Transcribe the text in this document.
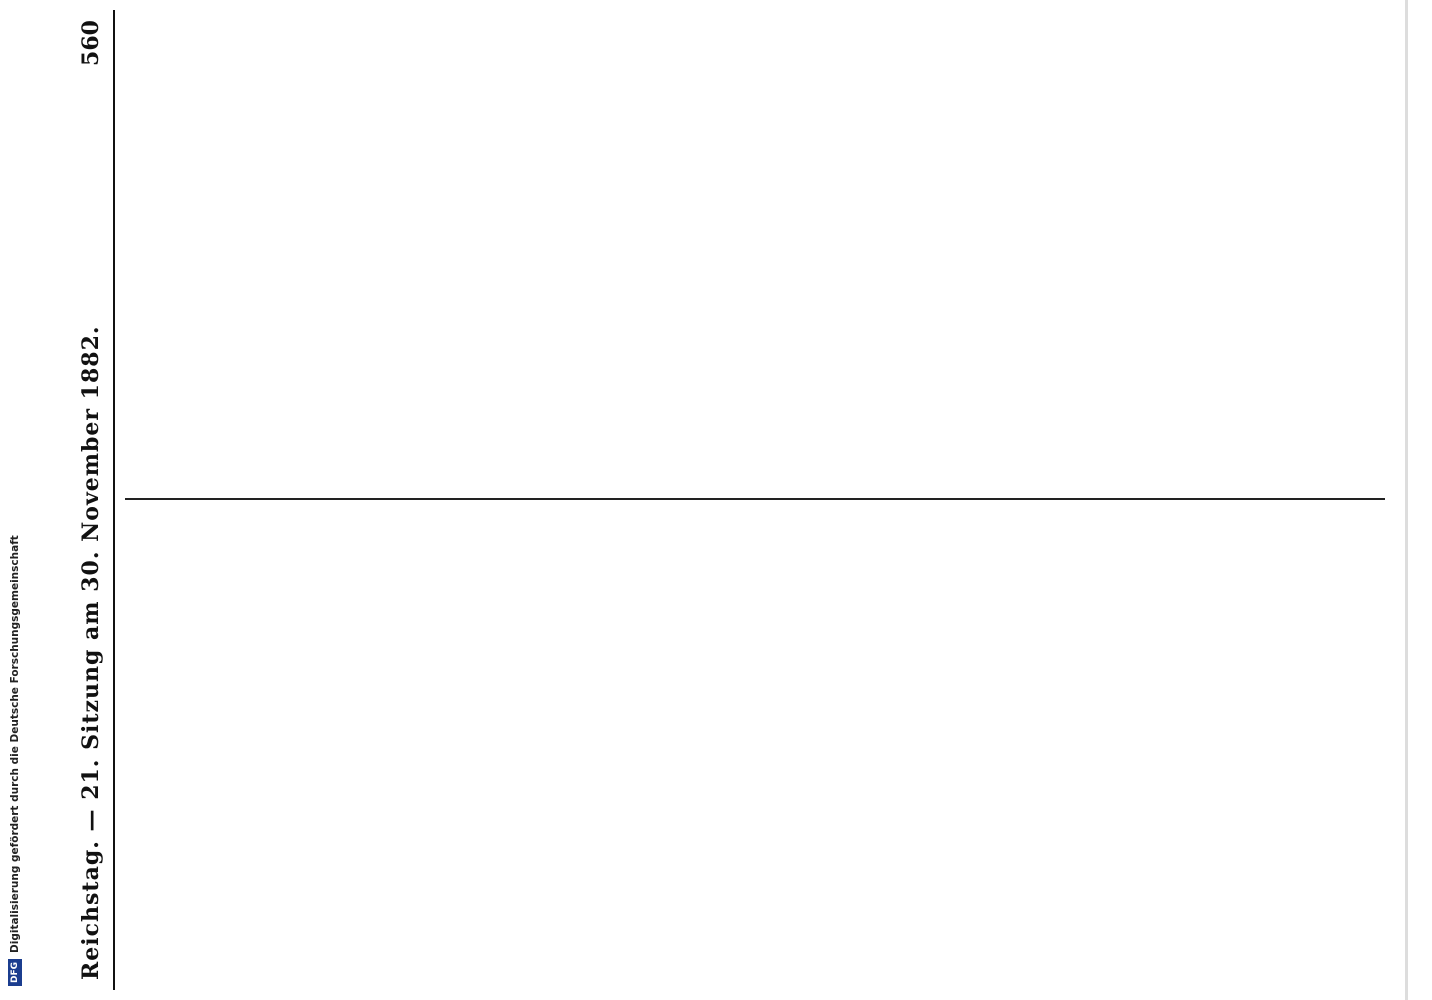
DFGDigitalisierung gefördert durch die Deutsche Forschungsgemeinschaft	Reichstag. — 21. Sitzung am 30. November 1882.
560
